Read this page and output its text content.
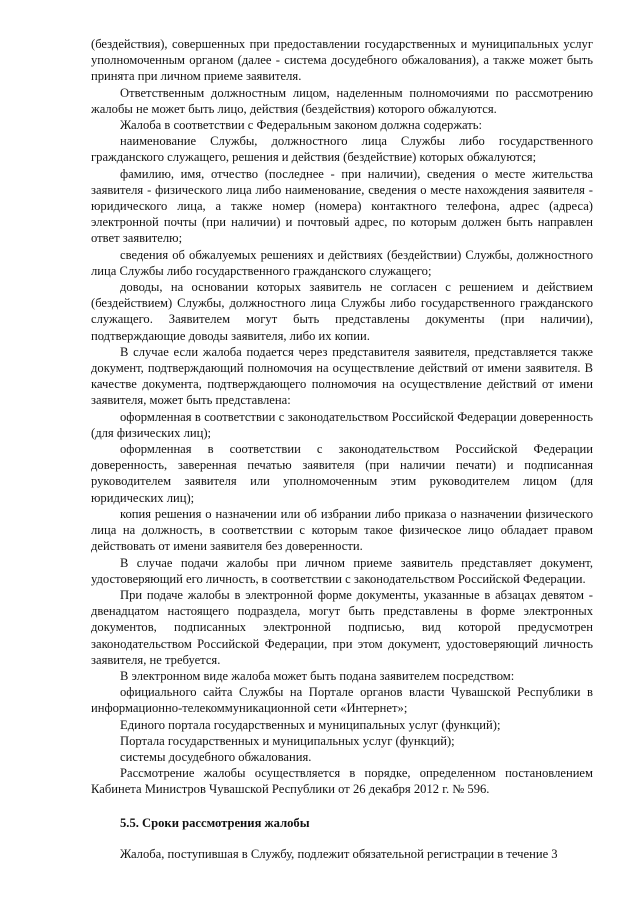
(бездействия), совершенных при предоставлении государственных и муниципальных услуг уполномоченным органом (далее - система досудебного обжалования), а также может быть принята при личном приеме заявителя.

Ответственным должностным лицом, наделенным полномочиями по рассмотрению жалобы не может быть лицо, действия (бездействия) которого обжалуются.

Жалоба в соответствии с Федеральным законом должна содержать:

наименование Службы, должностного лица Службы либо государственного гражданского служащего, решения и действия (бездействие) которых обжалуются;

фамилию, имя, отчество (последнее - при наличии), сведения о месте жительства заявителя - физического лица либо наименование, сведения о месте нахождения заявителя - юридического лица, а также номер (номера) контактного телефона, адрес (адреса) электронной почты (при наличии) и почтовый адрес, по которым должен быть направлен ответ заявителю;

сведения об обжалуемых решениях и действиях (бездействии) Службы, должностного лица Службы либо государственного гражданского служащего;

доводы, на основании которых заявитель не согласен с решением и действием (бездействием) Службы, должностного лица Службы либо государственного гражданского служащего. Заявителем могут быть представлены документы (при наличии), подтверждающие доводы заявителя, либо их копии.

В случае если жалоба подается через представителя заявителя, представляется также документ, подтверждающий полномочия на осуществление действий от имени заявителя. В качестве документа, подтверждающего полномочия на осуществление действий от имени заявителя, может быть представлена:

оформленная в соответствии с законодательством Российской Федерации доверенность (для физических лиц);

оформленная в соответствии с законодательством Российской Федерации доверенность, заверенная печатью заявителя (при наличии печати) и подписанная руководителем заявителя или уполномоченным этим руководителем лицом (для юридических лиц);

копия решения о назначении или об избрании либо приказа о назначении физического лица на должность, в соответствии с которым такое физическое лицо обладает правом действовать от имени заявителя без доверенности.

В случае подачи жалобы при личном приеме заявитель представляет документ, удостоверяющий его личность, в соответствии с законодательством Российской Федерации.

При подаче жалобы в электронной форме документы, указанные в абзацах девятом - двенадцатом настоящего подраздела, могут быть представлены в форме электронных документов, подписанных электронной подписью, вид которой предусмотрен законодательством Российской Федерации, при этом документ, удостоверяющий личность заявителя, не требуется.

В электронном виде жалоба может быть подана заявителем посредством:

официального сайта Службы на Портале органов власти Чувашской Республики в информационно-телекоммуникационной сети «Интернет»;

Единого портала государственных и муниципальных услуг (функций);

Портала государственных и муниципальных услуг (функций);

системы досудебного обжалования.

Рассмотрение жалобы осуществляется в порядке, определенном постановлением Кабинета Министров Чувашской Республики от 26 декабря 2012 г. № 596.

5.5. Сроки рассмотрения жалобы

Жалоба, поступившая в Службу, подлежит обязательной регистрации в течение 3
